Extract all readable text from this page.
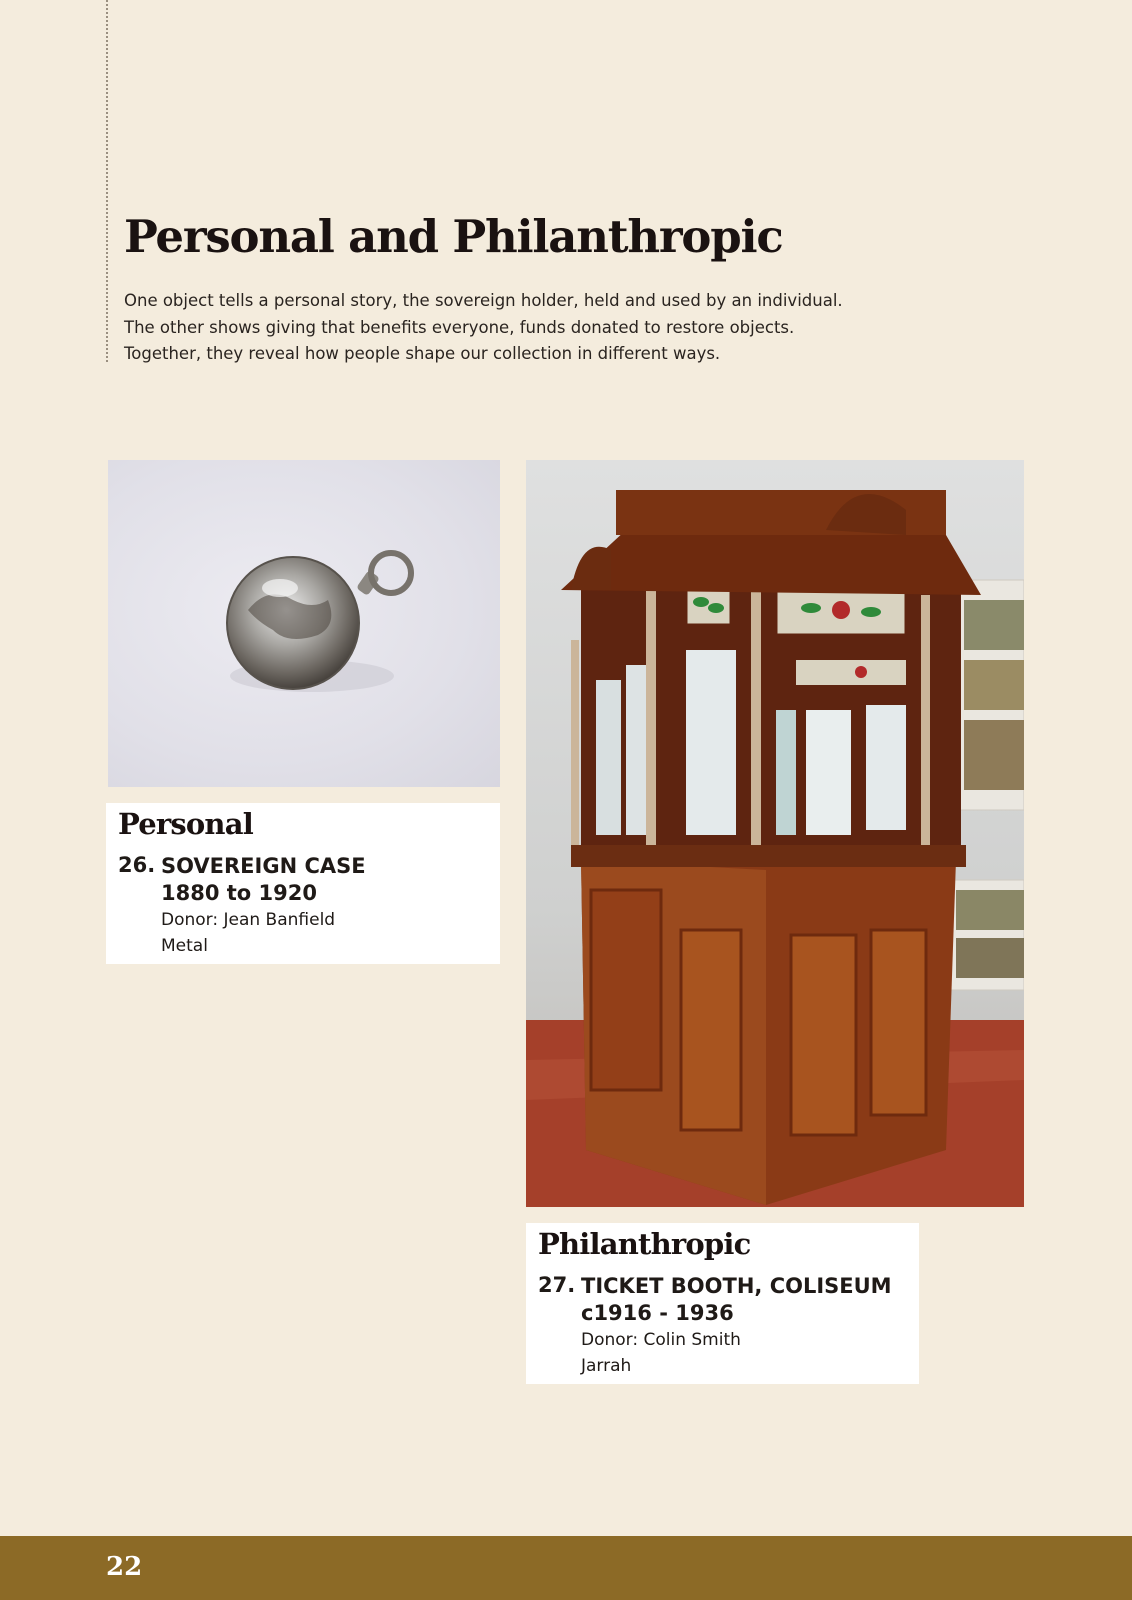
Personal and Philanthropic
One object tells a personal story, the sovereign holder, held and used by an individual.
The other shows giving that benefits everyone, funds donated to restore objects.
Together, they reveal how people shape our collection in different ways.
Personal
26. SOVEREIGN CASE
1880 to 1920
Donor: Jean Banfield
Metal
Philanthropic
27. TICKET BOOTH, COLISEUM
c1916 - 1936
Donor: Colin Smith
Jarrah
22
